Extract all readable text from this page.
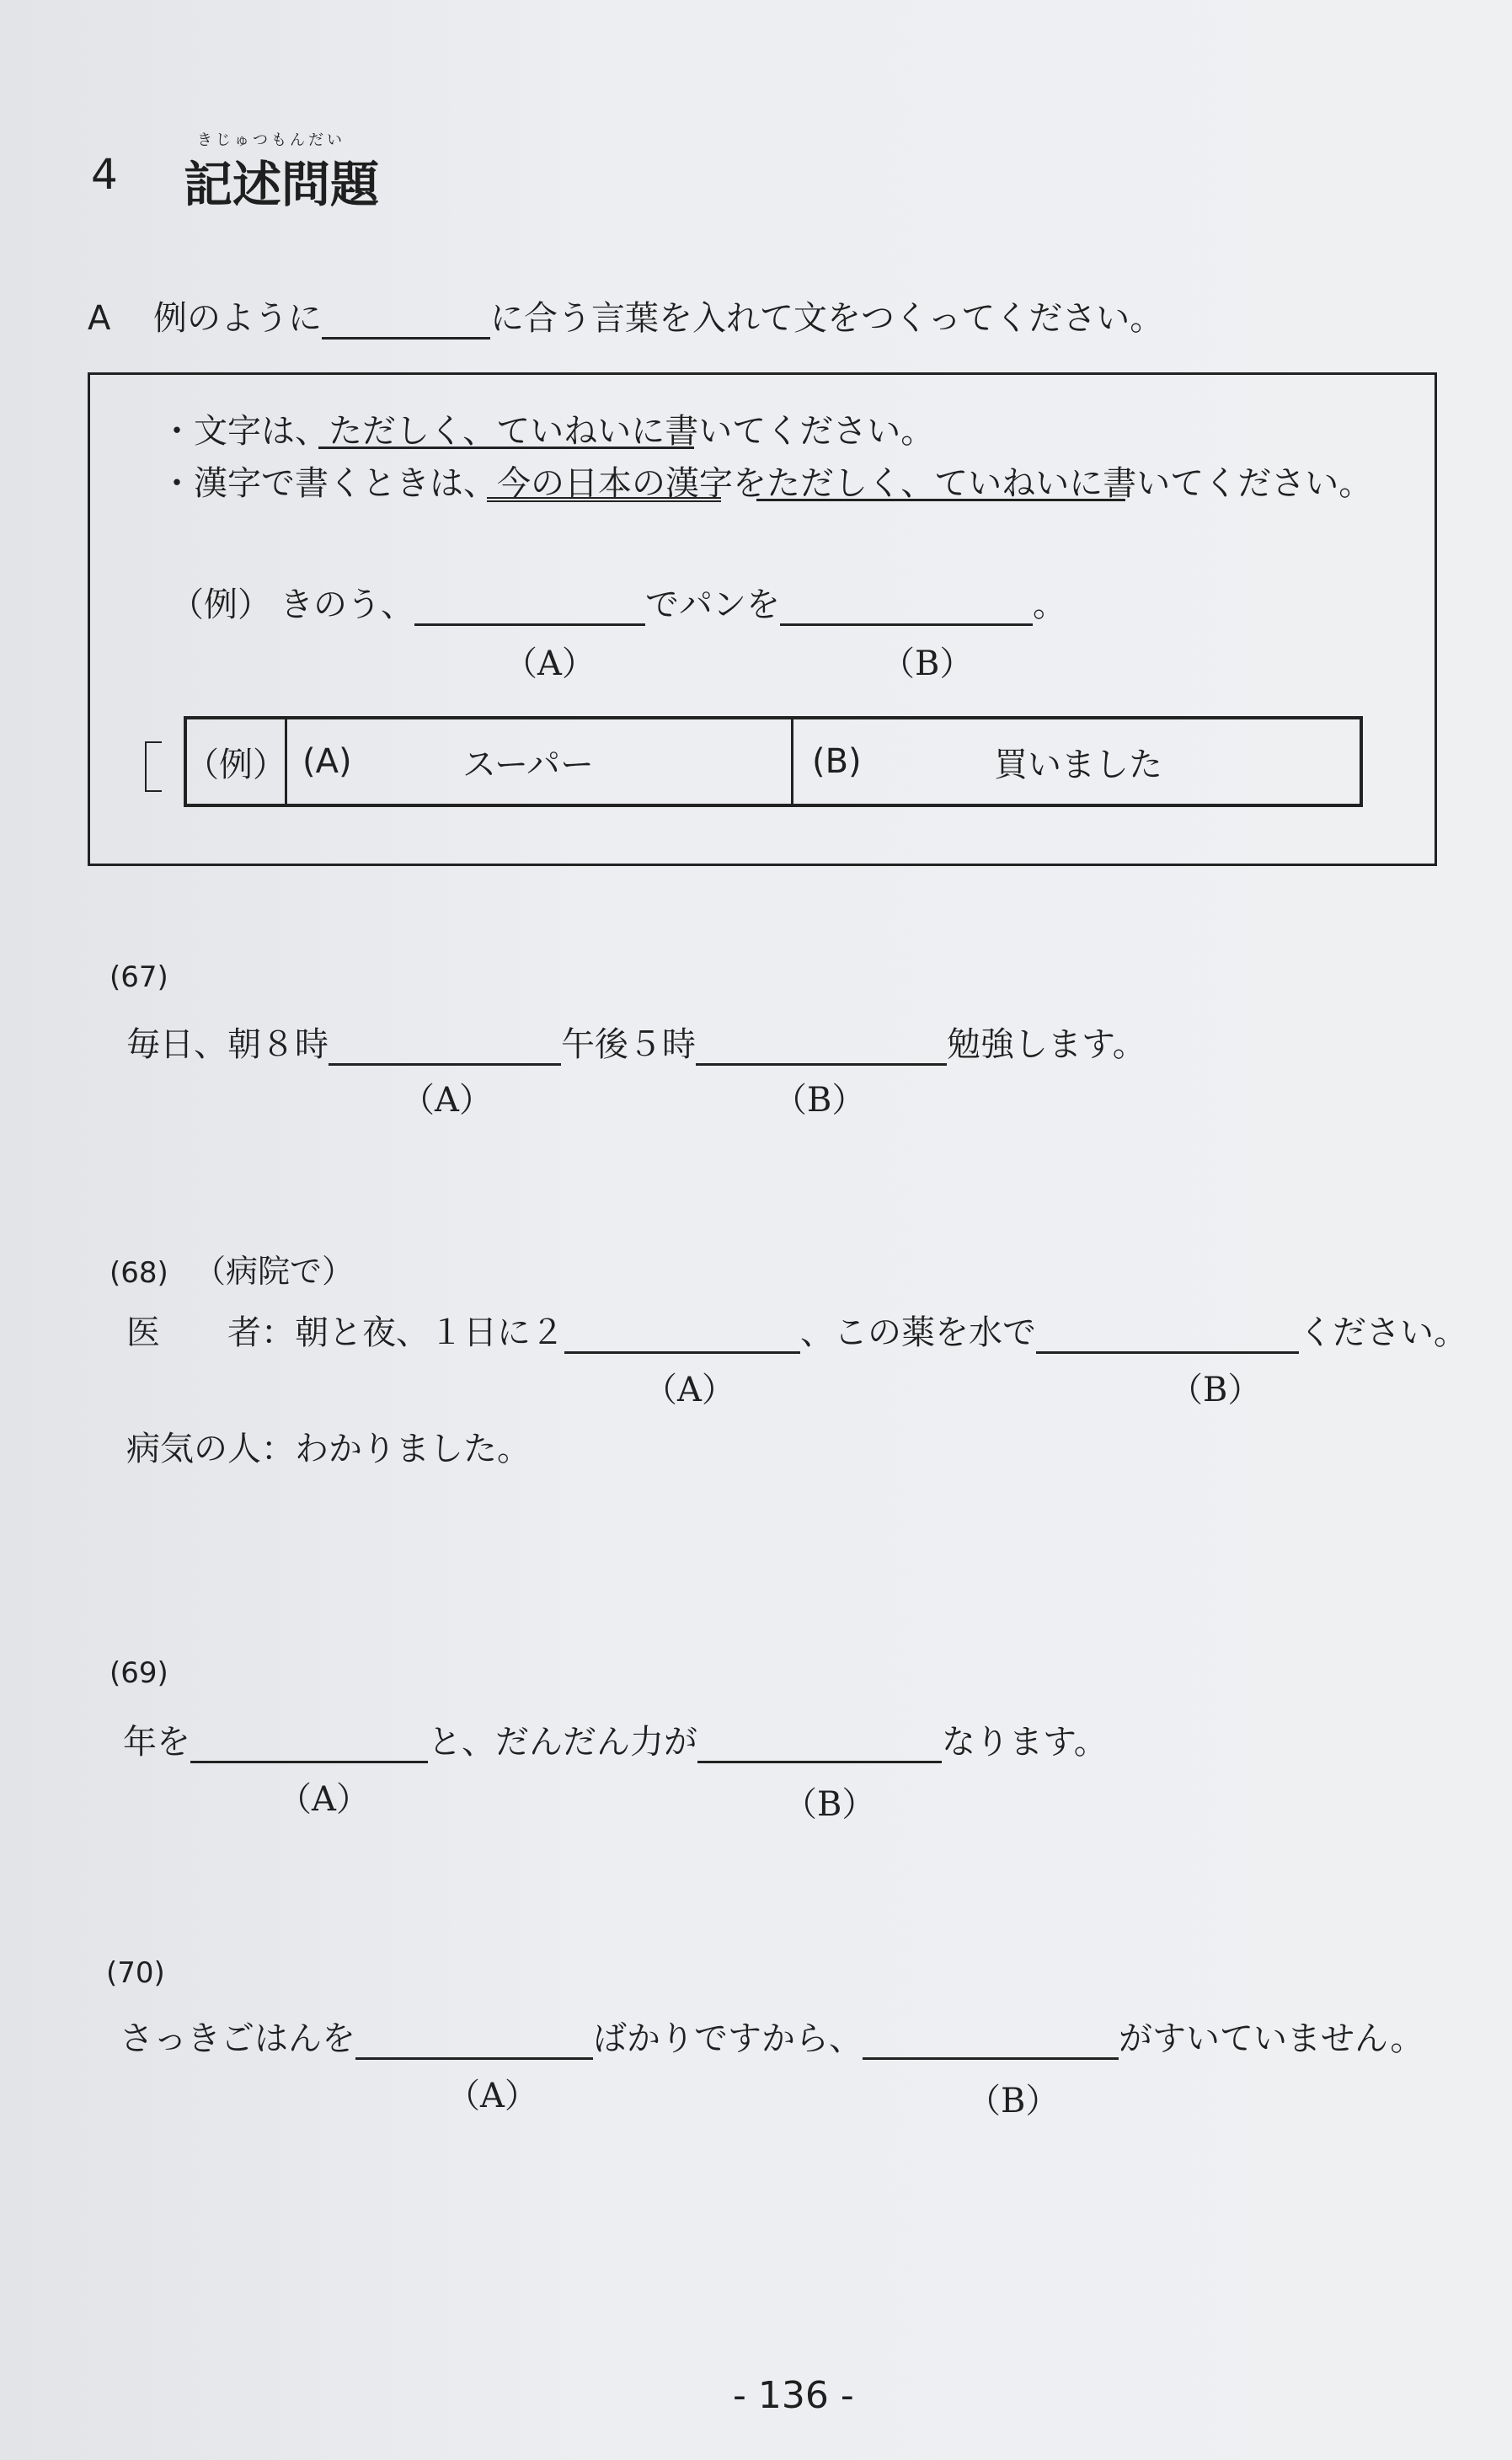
4
きじゅつもんだい
記述問題
A 例のように	に合う言葉を入れて文をつくってください。
・文字は、ただしく、ていねいに書いてください。
・漢字で書くときは、今の日本の漢字をただしく、ていねいに書いてください。
（例） きのう、	でパンを	。
（A）	（B）
（例） (A)	スーパー	(B)	買いました
(67)
毎日、朝８時	午後５時	勉強します。
（A）	（B）
(68) （病院で）
医　　者：朝と夜、１日に２	、この薬を水で	ください。
（A）	（B）
病気の人：わかりました。
(69)
年を	と、だんだん力が	なります。
（A）	（B）
(70)
さっきごはんを	ばかりですから、	がすいていません。
（A）	（B）
- 136 -
